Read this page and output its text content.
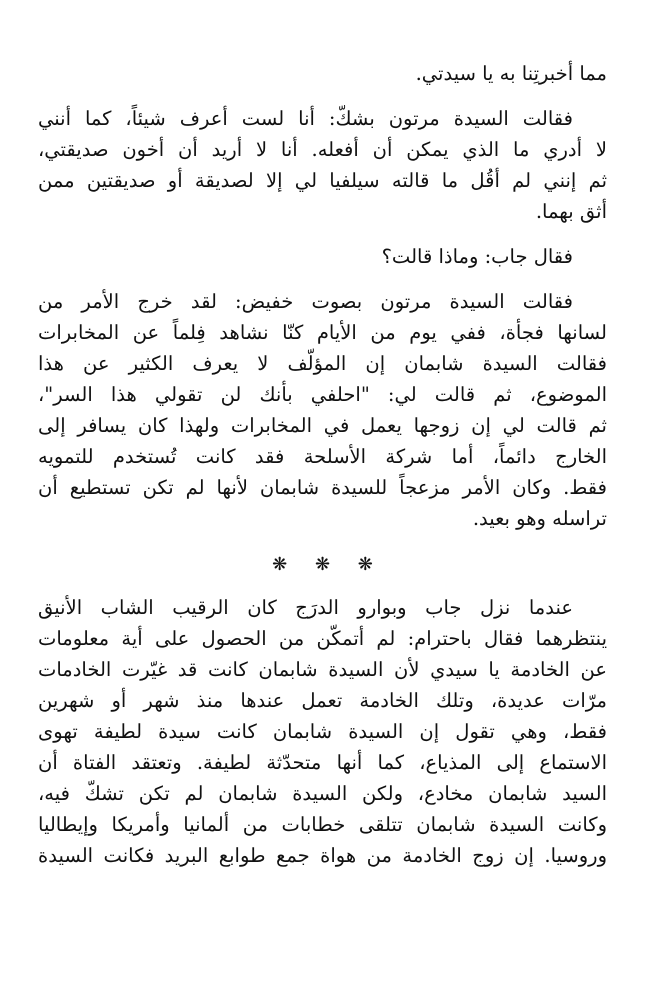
مما أخبرتِنا به يا سيدتي.

فقالت السيدة مرتون بشكّ: أنا لست أعرف شيئاً، كما أنني
لا أدري ما الذي يمكن أن أفعله. أنا لا أريد أن أخون صديقتي،
ثم إنني لم أقُل ما قالته سيلفيا لي إلا لصديقة أو صديقتين ممن
أثق بهما.

فقال جاب: وماذا قالت؟

فقالت السيدة مرتون بصوت خفيض: لقد خرج الأمر من
لسانها فجأة، ففي يوم من الأيام كنّا نشاهد فِلماً عن المخابرات
فقالت السيدة شابمان إن المؤلّف لا يعرف الكثير عن هذا
الموضوع، ثم قالت لي: "احلفي بأنك لن تقولي هذا السر"،
ثم قالت لي إن زوجها يعمل في المخابرات ولهذا كان يسافر إلى
الخارج دائماً، أما شركة الأسلحة فقد كانت تُستخدم للتمويه
فقط. وكان الأمر مزعجاً للسيدة شابمان لأنها لم تكن تستطيع أن
تراسله وهو بعيد.

❋ ❋ ❋

عندما نزل جاب وبوارو الدرَج كان الرقيب الشاب الأنيق
ينتظرهما فقال باحترام: لم أتمكّن من الحصول على أية معلومات
عن الخادمة يا سيدي لأن السيدة شابمان كانت قد غيّرت الخادمات
مرّات عديدة، وتلك الخادمة تعمل عندها منذ شهر أو شهرين
فقط، وهي تقول إن السيدة شابمان كانت سيدة لطيفة تهوى
الاستماع إلى المذياع، كما أنها متحدّثة لطيفة. وتعتقد الفتاة أن
السيد شابمان مخادع، ولكن السيدة شابمان لم تكن تشكّ فيه،
وكانت السيدة شابمان تتلقى خطابات من ألمانيا وأمريكا وإيطاليا
وروسيا. إن زوج الخادمة من هواة جمع طوابع البريد فكانت السيدة
